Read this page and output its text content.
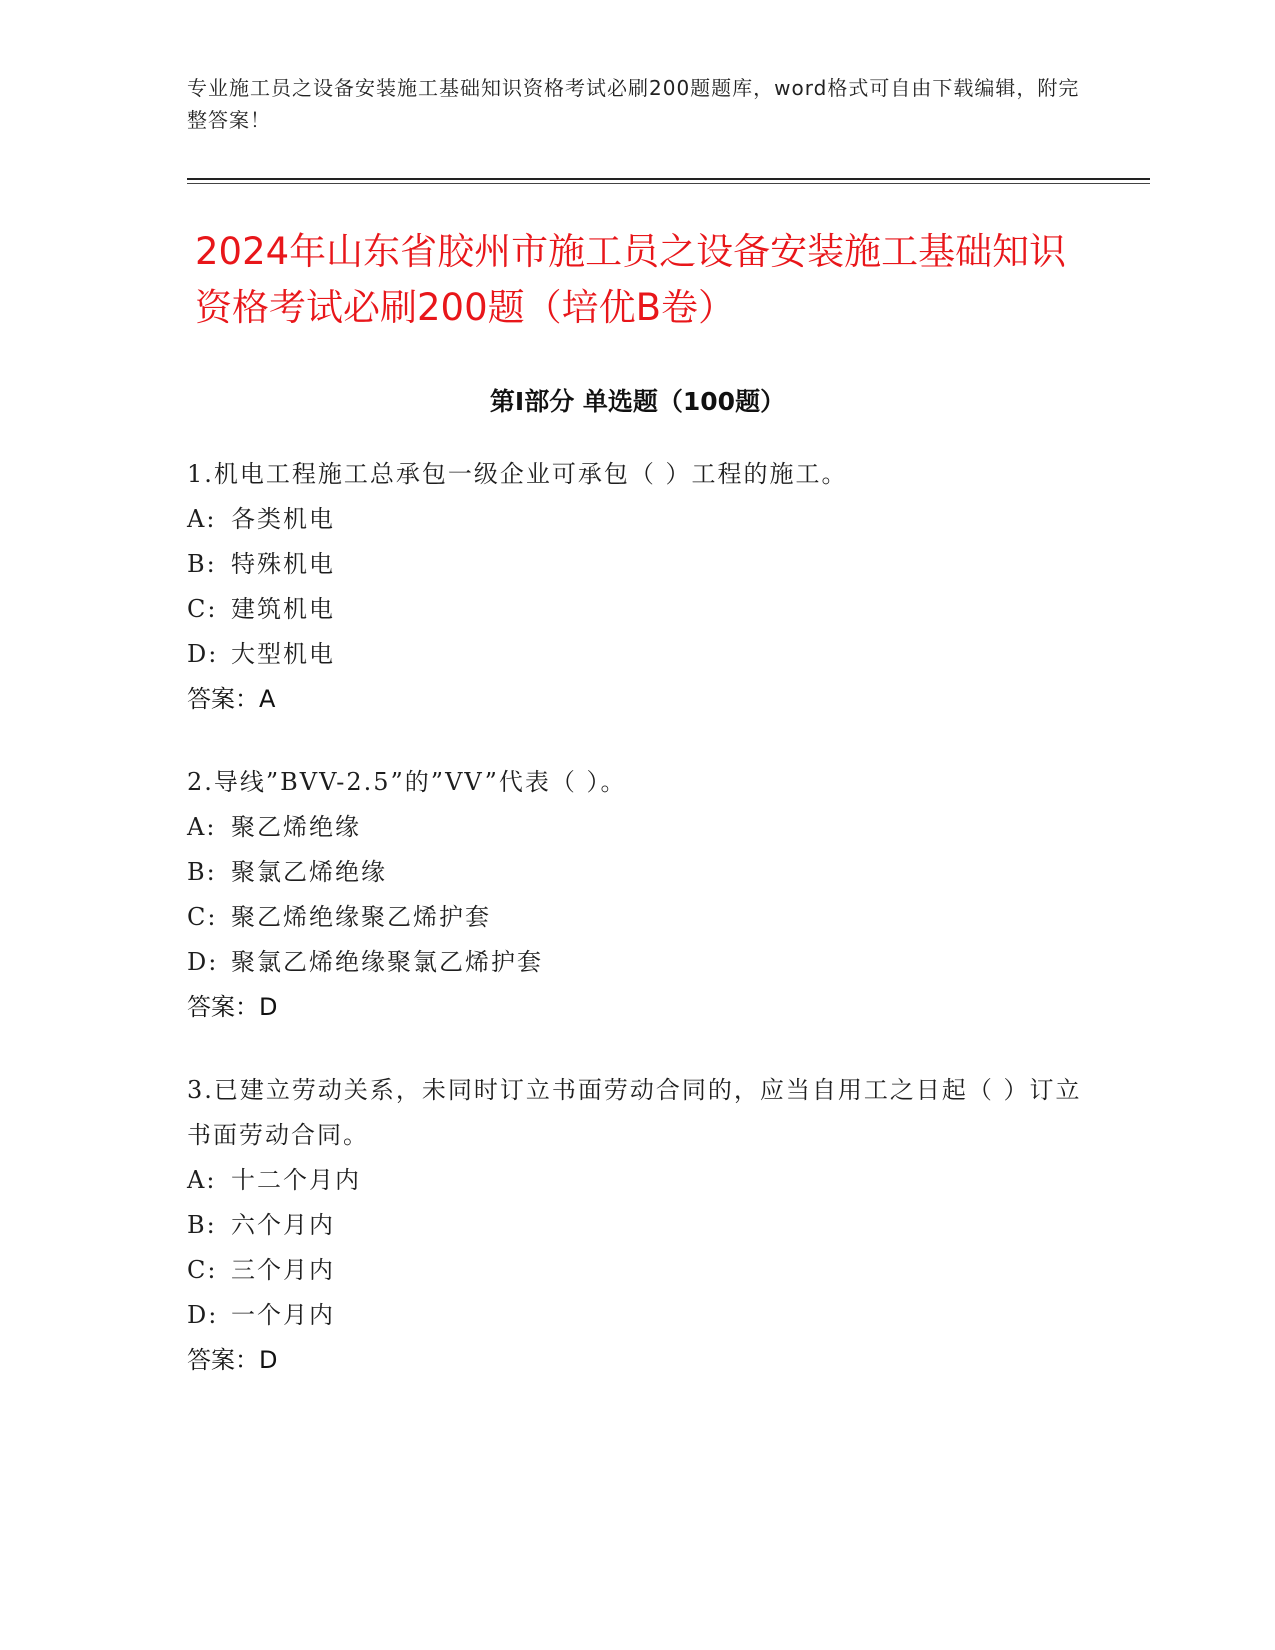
专业施工员之设备安装施工基础知识资格考试必刷200题题库，word格式可自由下载编辑，附完整答案！
2024年山东省胶州市施工员之设备安装施工基础知识资格考试必刷200题（培优B卷）
第Ⅰ部分 单选题（100题）
1.机电工程施工总承包一级企业可承包（ ）工程的施工。
A: 各类机电
B: 特殊机电
C: 建筑机电
D: 大型机电
答案：A
2.导线”BVV-2.5”的”VV”代表（ ）。
A: 聚乙烯绝缘
B: 聚氯乙烯绝缘
C: 聚乙烯绝缘聚乙烯护套
D: 聚氯乙烯绝缘聚氯乙烯护套
答案：D
3.已建立劳动关系，未同时订立书面劳动合同的，应当自用工之日起（ ）订立书面劳动合同。
A: 十二个月内
B: 六个月内
C: 三个月内
D: 一个月内
答案：D
